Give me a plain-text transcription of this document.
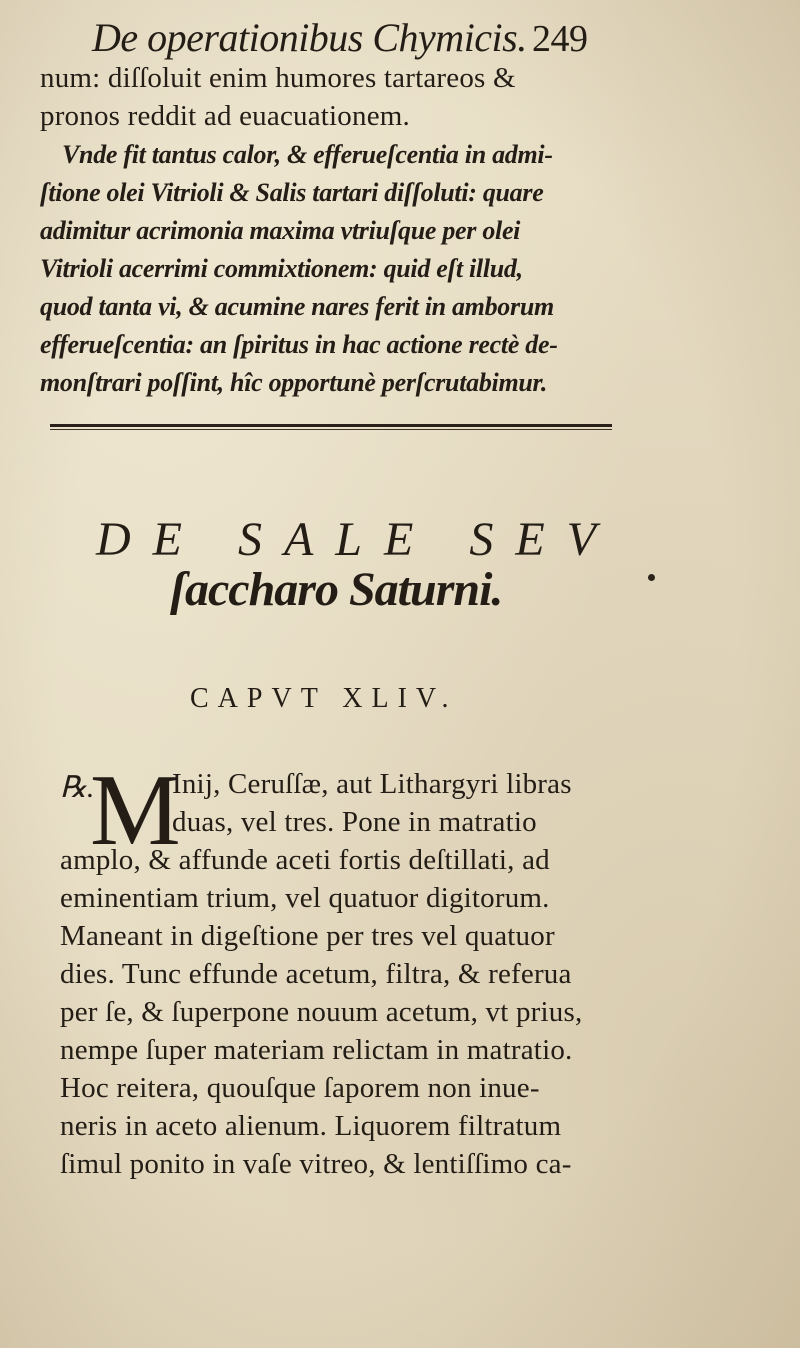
De operationibus Chymicis. 249
num: diſſoluit enim humores tartareos &
pronos reddit ad euacuationem.
Vnde fit tantus calor, & efferueſcentia in admi-
ſtione olei Vitrioli & Salis tartari diſſoluti: quare
adimitur acrimonia maxima vtriuſque per olei
Vitrioli acerrimi commixtionem: quid eſt illud,
quod tanta vi, & acumine nares ferit in amborum
efferueſcentia: an ſpiritus in hac actione rectè de-
monſtrari poſſint, hîc opportunè perſcrutabimur.
DE SALE SEV
ſaccharo Saturni.
CAPVT XLIV.
℞.
M
Inij, Ceruſſæ, aut Lithargyri libras
duas, vel tres. Pone in matratio
amplo, & affunde aceti fortis deſtillati, ad
eminentiam trium, vel quatuor digitorum.
Maneant in digeſtione per tres vel quatuor
dies. Tunc effunde acetum, filtra, & referua
per ſe, & ſuperpone nouum acetum, vt prius,
nempe ſuper materiam relictam in matratio.
Hoc reitera, quouſque ſaporem non inue-
neris in aceto alienum. Liquorem filtratum
ſimul ponito in vaſe vitreo, & lentiſſimo ca-
